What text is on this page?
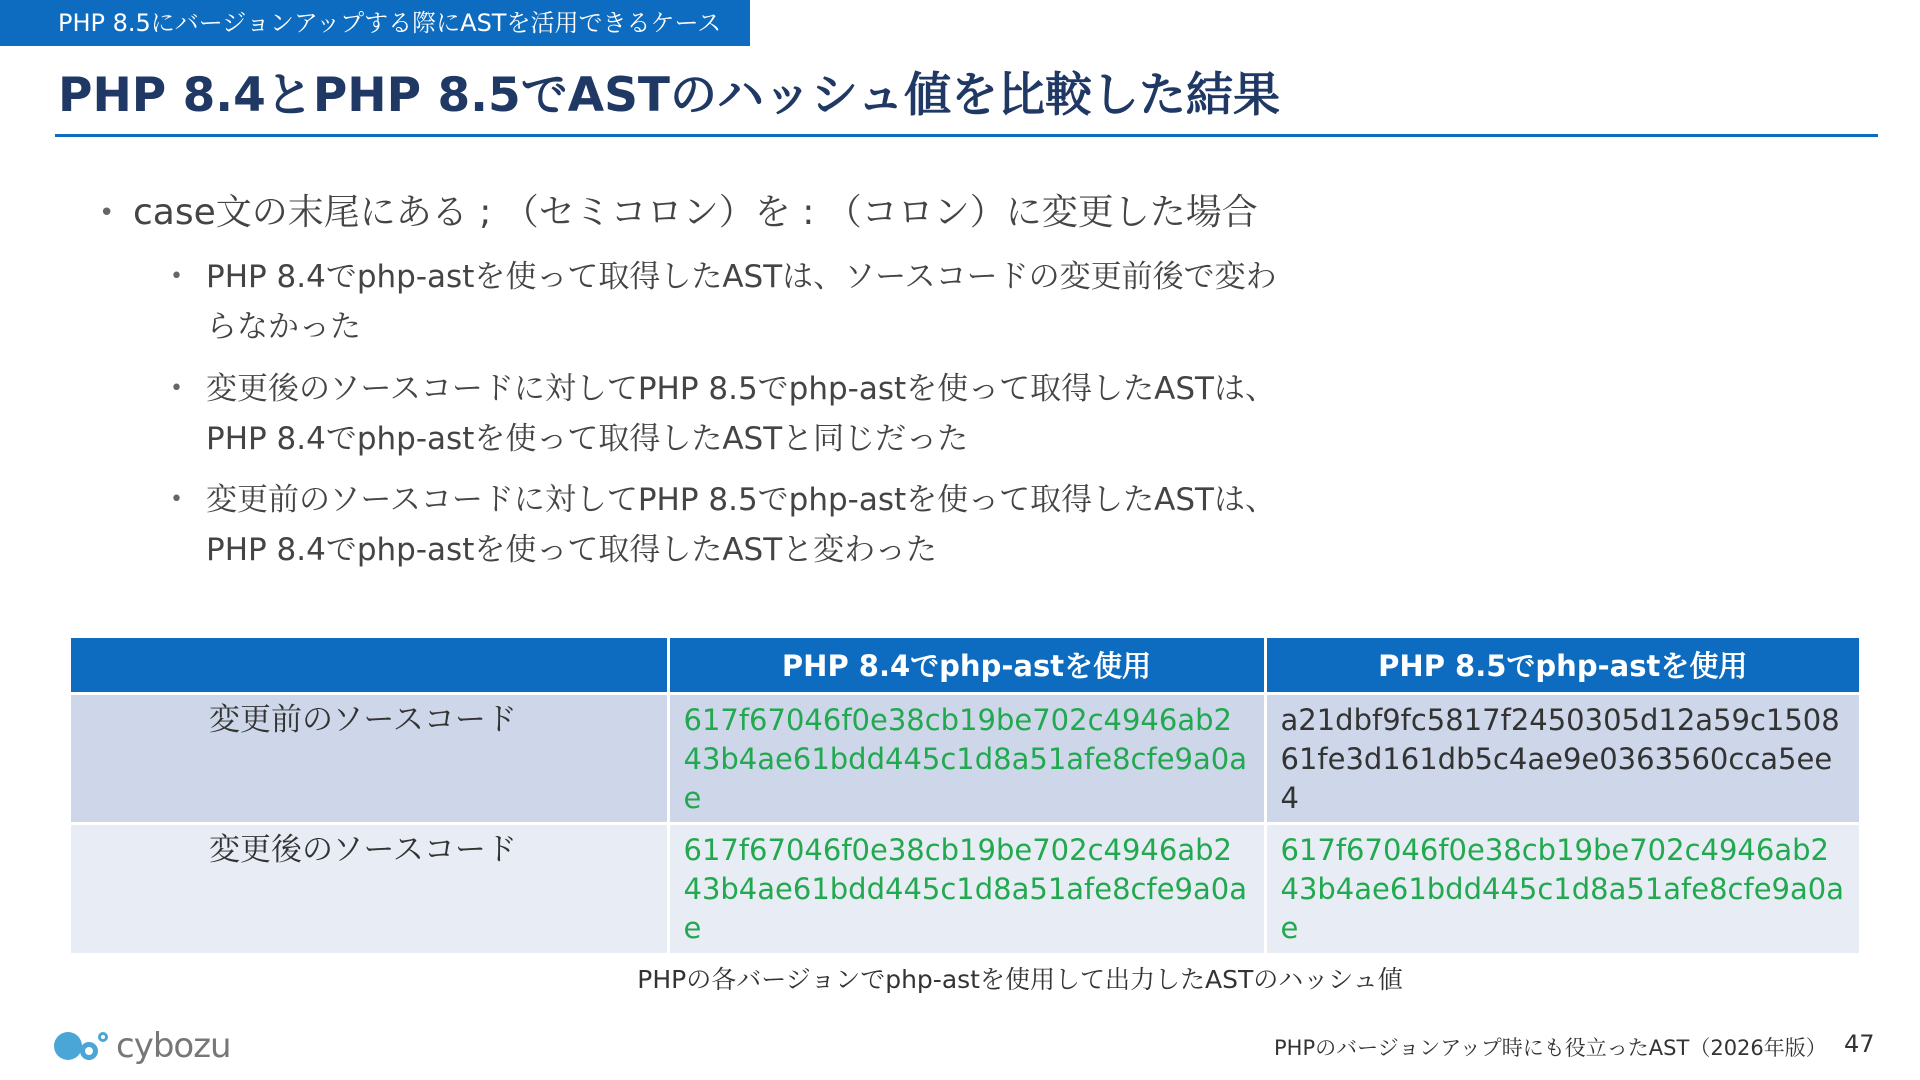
PHP 8.5にバージョンアップする際にASTを活用できるケース
PHP 8.4とPHP 8.5でASTのハッシュ値を比較した結果
• case文の末尾にある ; （セミコロン）を : （コロン）に変更した場合
• PHP 8.4でphp-astを使って取得したASTは、ソースコードの変更前後で変わ
らなかった
• 変更後のソースコードに対してPHP 8.5でphp-astを使って取得したASTは、
PHP 8.4でphp-astを使って取得したASTと同じだった
• 変更前のソースコードに対してPHP 8.5でphp-astを使って取得したASTは、
PHP 8.4でphp-astを使って取得したASTと変わった
	PHP 8.4でphp-astを使用	PHP 8.5でphp-astを使用
変更前のソースコード	617f67046f0e38cb19be702c4946ab243b4ae61bdd445c1d8a51afe8cfe9a0ae	a21dbf9fc5817f2450305d12a59c150861fe3d161db5c4ae9e0363560cca5ee4
変更後のソースコード	617f67046f0e38cb19be702c4946ab243b4ae61bdd445c1d8a51afe8cfe9a0ae	617f67046f0e38cb19be702c4946ab243b4ae61bdd445c1d8a51afe8cfe9a0ae
PHPの各バージョンでphp-astを使用して出力したASTのハッシュ値
cybozu	PHPのバージョンアップ時にも役立ったAST（2026年版） 47
